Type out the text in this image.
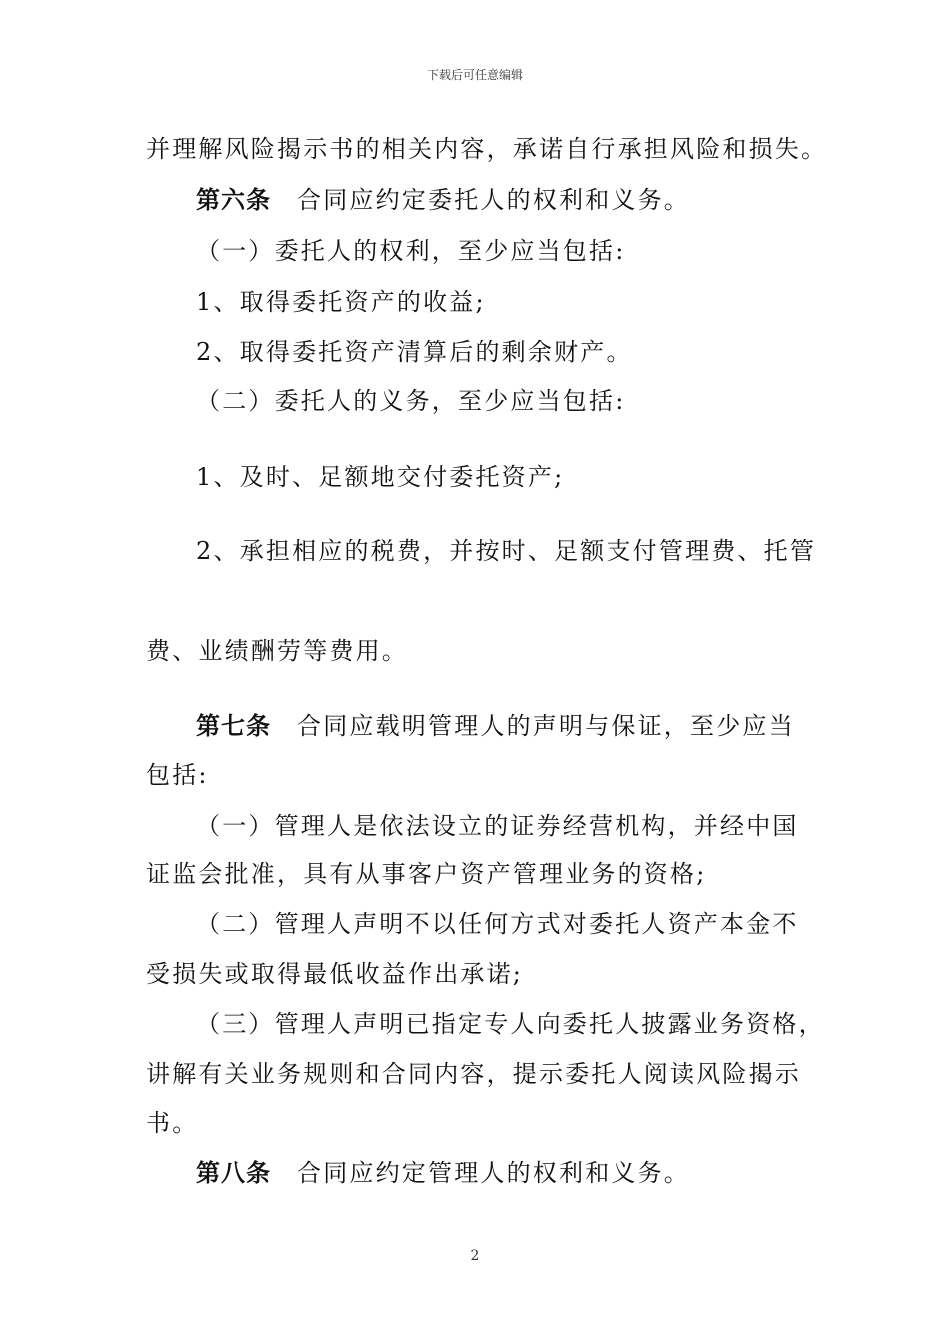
下载后可任意编辑
并理解风险揭示书的相关内容，承诺自行承担风险和损失。
第六条 合同应约定委托人的权利和义务。
（一）委托人的权利，至少应当包括:
1、取得委托资产的收益;
2、取得委托资产清算后的剩余财产。
（二）委托人的义务，至少应当包括:
1、及时、足额地交付委托资产;
2、承担相应的税费，并按时、足额支付管理费、托管
费、业绩酬劳等费用。
第七条 合同应载明管理人的声明与保证，至少应当
包括:
（一）管理人是依法设立的证券经营机构，并经中国
证监会批准，具有从事客户资产管理业务的资格;
（二）管理人声明不以任何方式对委托人资产本金不
受损失或取得最低收益作出承诺;
（三）管理人声明已指定专人向委托人披露业务资格，
讲解有关业务规则和合同内容，提示委托人阅读风险揭示
书。
第八条 合同应约定管理人的权利和义务。
2
